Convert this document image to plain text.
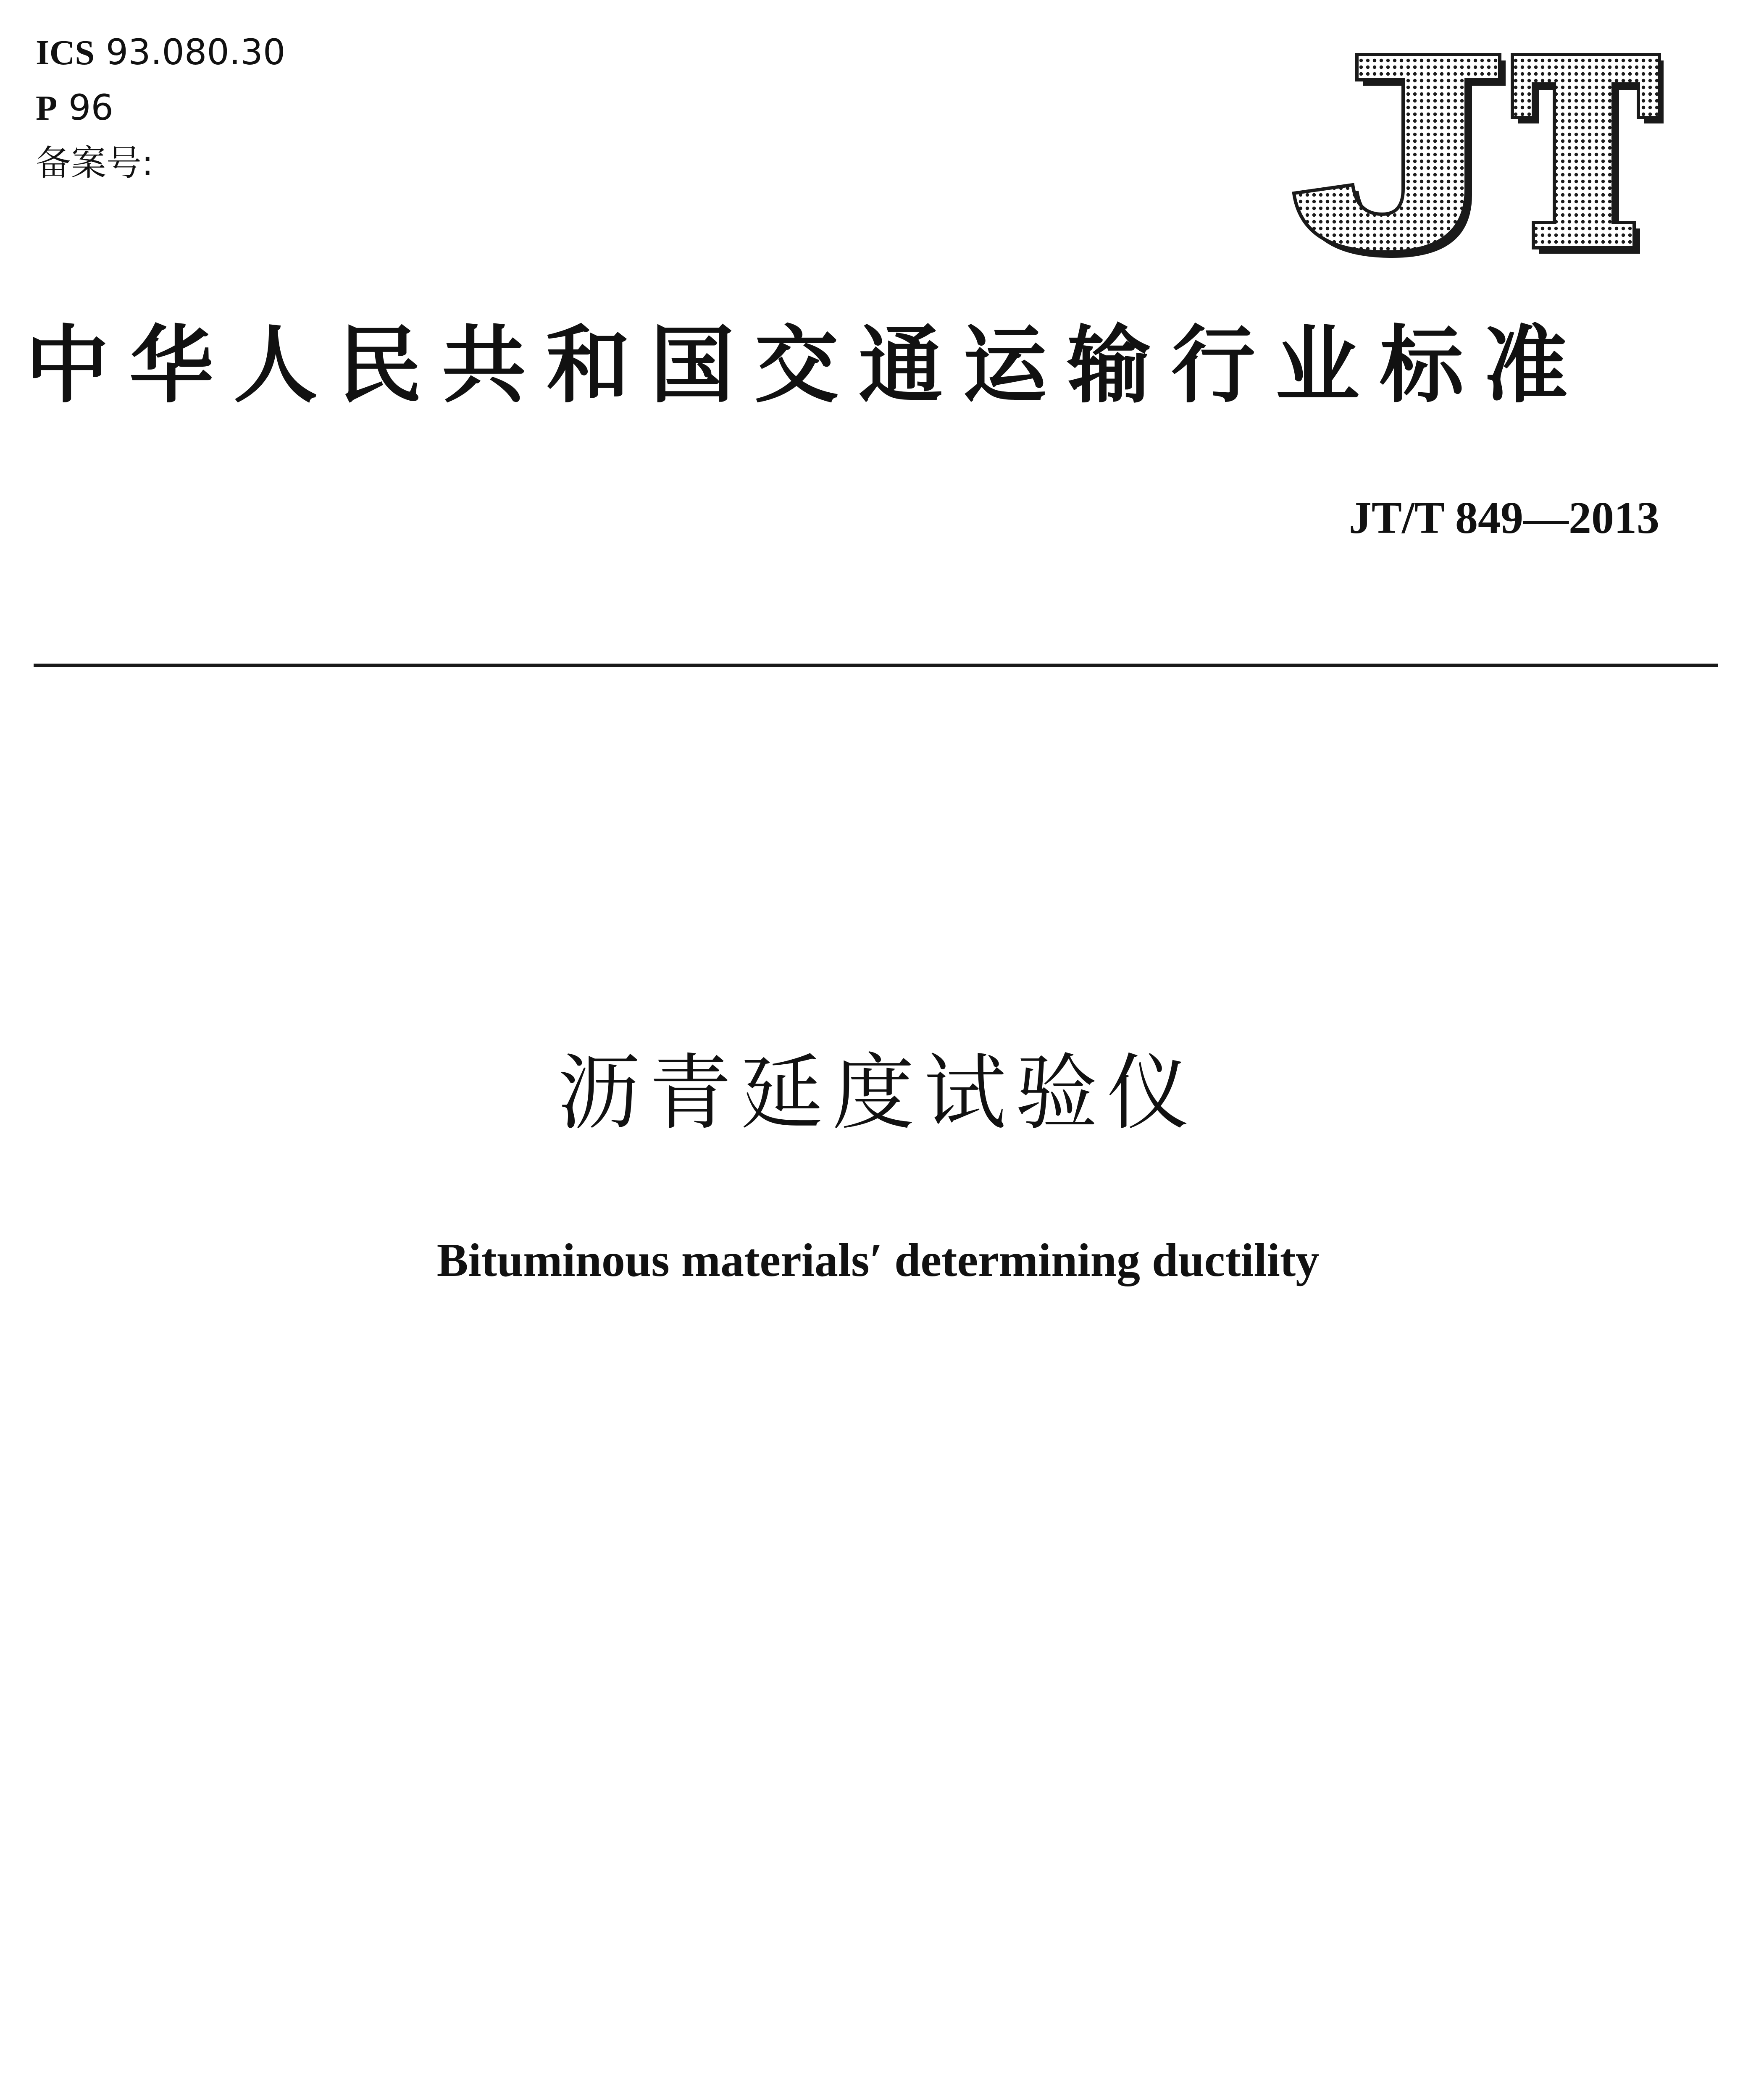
ICS 93.080.30
P 96
备案号:
中华人民共和国交通运输行业标准
JT/T 849—2013
沥青延度试验仪
Bituminous materials′ determining ductility
